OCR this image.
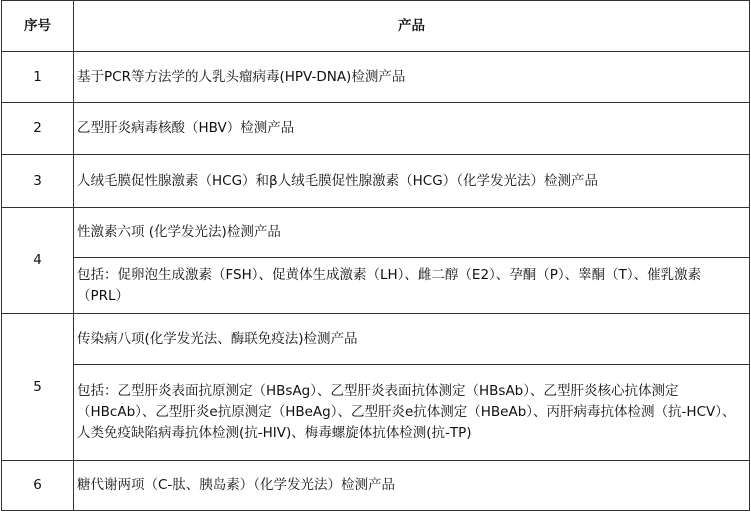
序号	产品
1	基于PCR等方法学的人乳头瘤病毒(HPV-DNA)检测产品
2	乙型肝炎病毒核酸（HBV）检测产品
3	人绒毛膜促性腺激素（HCG）和β人绒毛膜促性腺激素（HCG）（化学发光法）检测产品
4	性激素六项 (化学发光法)检测产品
	包括：促卵泡生成激素（FSH）、促黄体生成激素（LH）、雌二醇（E2）、孕酮（P）、睾酮（T）、催乳激素（PRL）
5	传染病八项(化学发光法、酶联免疫法)检测产品
	包括：乙型肝炎表面抗原测定（HBsAg）、乙型肝炎表面抗体测定（HBsAb）、乙型肝炎核心抗体测定（HBcAb）、乙型肝炎e抗原测定（HBeAg）、乙型肝炎e抗体测定（HBeAb）、丙肝病毒抗体检测（抗-HCV）、人类免疫缺陷病毒抗体检测(抗-HIV)、梅毒螺旋体抗体检测(抗-TP)
6	糖代谢两项（C-肽、胰岛素）（化学发光法）检测产品
